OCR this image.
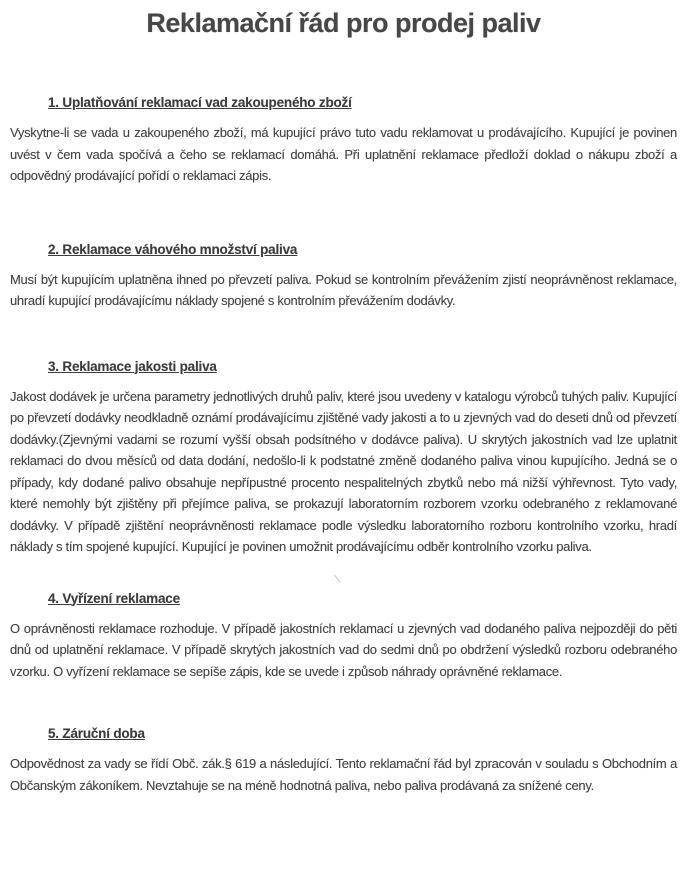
Reklamační řád pro prodej paliv
1. Uplatňování reklamací vad zakoupeného zboží

Vyskytne-li se vada u zakoupeného zboží, má kupující právo tuto vadu reklamovat u prodávajícího. Kupující je povinen uvést v čem vada spočívá a čeho se reklamací domáhá. Při uplatnění reklamace předloží doklad o nákupu zboží a odpovědný prodávající pořídí o reklamaci zápis.

2. Reklamace váhového množství paliva

Musí být kupujícím uplatněna ihned po převzetí paliva. Pokud se kontrolním převážením zjistí neoprávněnost reklamace, uhradí kupující prodávajícímu náklady spojené s kontrolním převážením dodávky.

3. Reklamace jakosti paliva

Jakost dodávek je určena parametry jednotlivých druhů paliv, které jsou uvedeny v katalogu výrobců tuhých paliv. Kupující po převzetí dodávky neodkladně oznámí prodávajícímu zjištěné vady jakosti a to u zjevných vad do deseti dnů od převzetí dodávky.(Zjevnými vadami se rozumí vyšší obsah podsítného v dodávce paliva). U skrytých jakostních vad lze uplatnit reklamaci do dvou měsíců od data dodání, nedošlo-li k podstatné změně dodaného paliva vinou kupujícího. Jedná se o případy, kdy dodané palivo obsahuje nepřípustné procento nespalitelných zbytků nebo má nižší výhřevnost. Tyto vady, které nemohly být zjištěny při přejímce paliva, se prokazují laboratorním rozborem vzorku odebraného z reklamované dodávky. V případě zjištění neoprávněnosti reklamace podle výsledku laboratorního rozboru kontrolního vzorku, hradí náklady s tím spojené kupující. Kupující je povinen umožnit prodávajícímu odběr kontrolního vzorku paliva.

4. Vyřízení reklamace

O oprávněnosti reklamace rozhoduje. V případě jakostních reklamací u zjevných vad dodaného paliva nejpozději do pěti dnů od uplatnění reklamace. V případě skrytých jakostních vad do sedmi dnů po obdržení výsledků rozboru odebraného vzorku. O vyřízení reklamace se sepíše zápis, kde se uvede i způsob náhrady oprávněné reklamace.

5. Záruční doba

Odpovědnost za vady se řídí Obč. zák.§ 619 a následující. Tento reklamační řád byl zpracován v souladu s Obchodním a Občanským zákoníkem. Nevztahuje se na méně hodnotná paliva, nebo paliva prodávaná za snížené ceny.
